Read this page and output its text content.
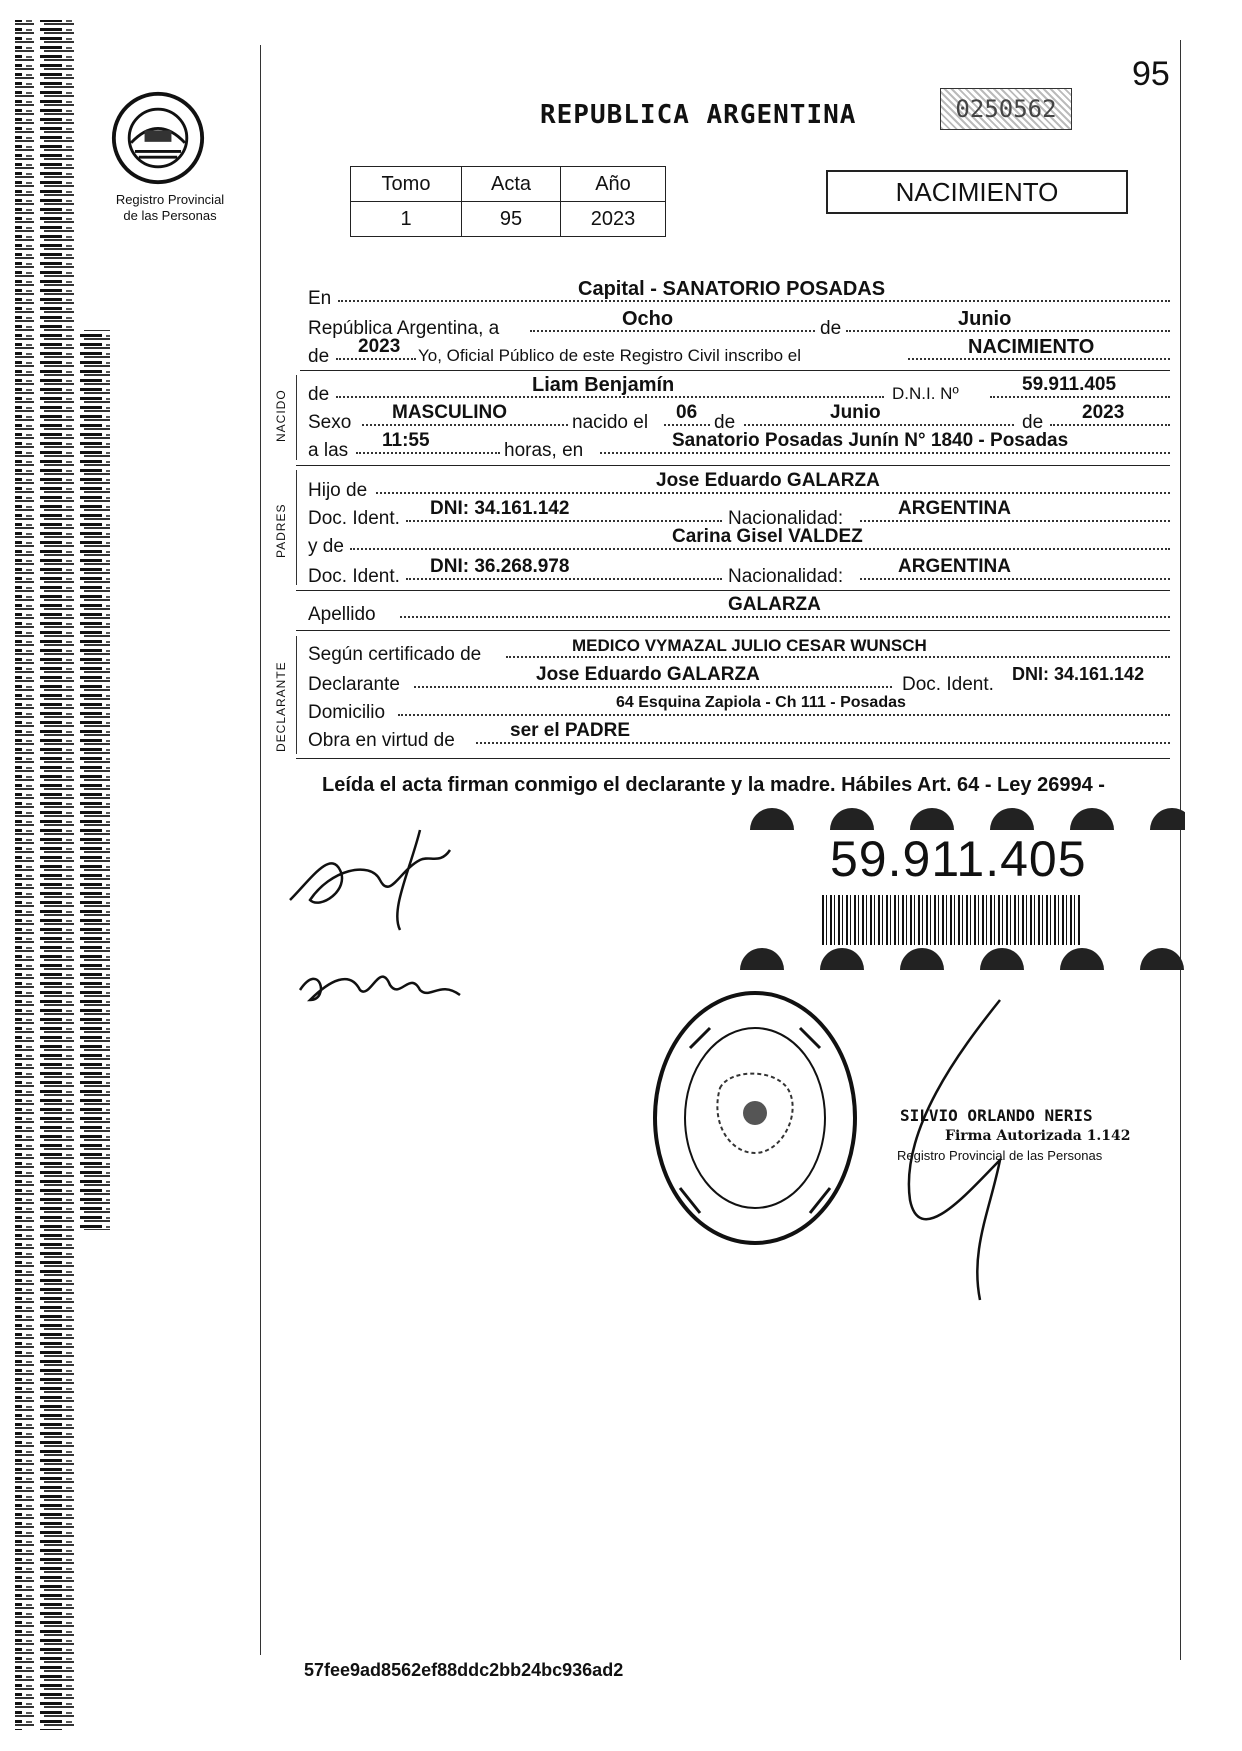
95
Registro Provincial
de las Personas
REPUBLICA ARGENTINA	0250562
Tomo	Acta	Año
1	95	2023
NACIMIENTO
En	Capital - SANATORIO POSADAS
República Argentina, a	Ocho	de	Junio
de 2023 Yo, Oficial Público de este Registro Civil inscribo el	NACIMIENTO
NACIDO de	Liam Benjamín	D.N.I. Nº	59.911.405
Sexo MASCULINO	nacido el 06 de	Junio	de 2023
a las 11:55	horas, en	Sanatorio Posadas Junín N° 1840 - Posadas
PADRES
Hijo de	Jose Eduardo GALARZA
Doc. Ident. DNI: 34.161.142	Nacionalidad:	ARGENTINA
y de	Carina Gisel VALDEZ
Doc. Ident. DNI: 36.268.978	Nacionalidad:	ARGENTINA
Apellido	GALARZA
DECLARANTE
Según certificado de	MEDICO VYMAZAL JULIO CESAR WUNSCH
Declarante	Jose Eduardo GALARZA	Doc. Ident. DNI: 34.161.142
Domicilio	64 Esquina Zapiola - Ch 111 - Posadas
Obra en virtud de	ser el PADRE
Leída el acta firman conmigo el declarante y la madre. Hábiles Art. 64 - Ley 26994 -
59.911.405
SILVIO ORLANDO NERIS
Firma Autorizada 1.142
Registro Provincial de las Personas
57fee9ad8562ef88ddc2bb24bc936ad2
